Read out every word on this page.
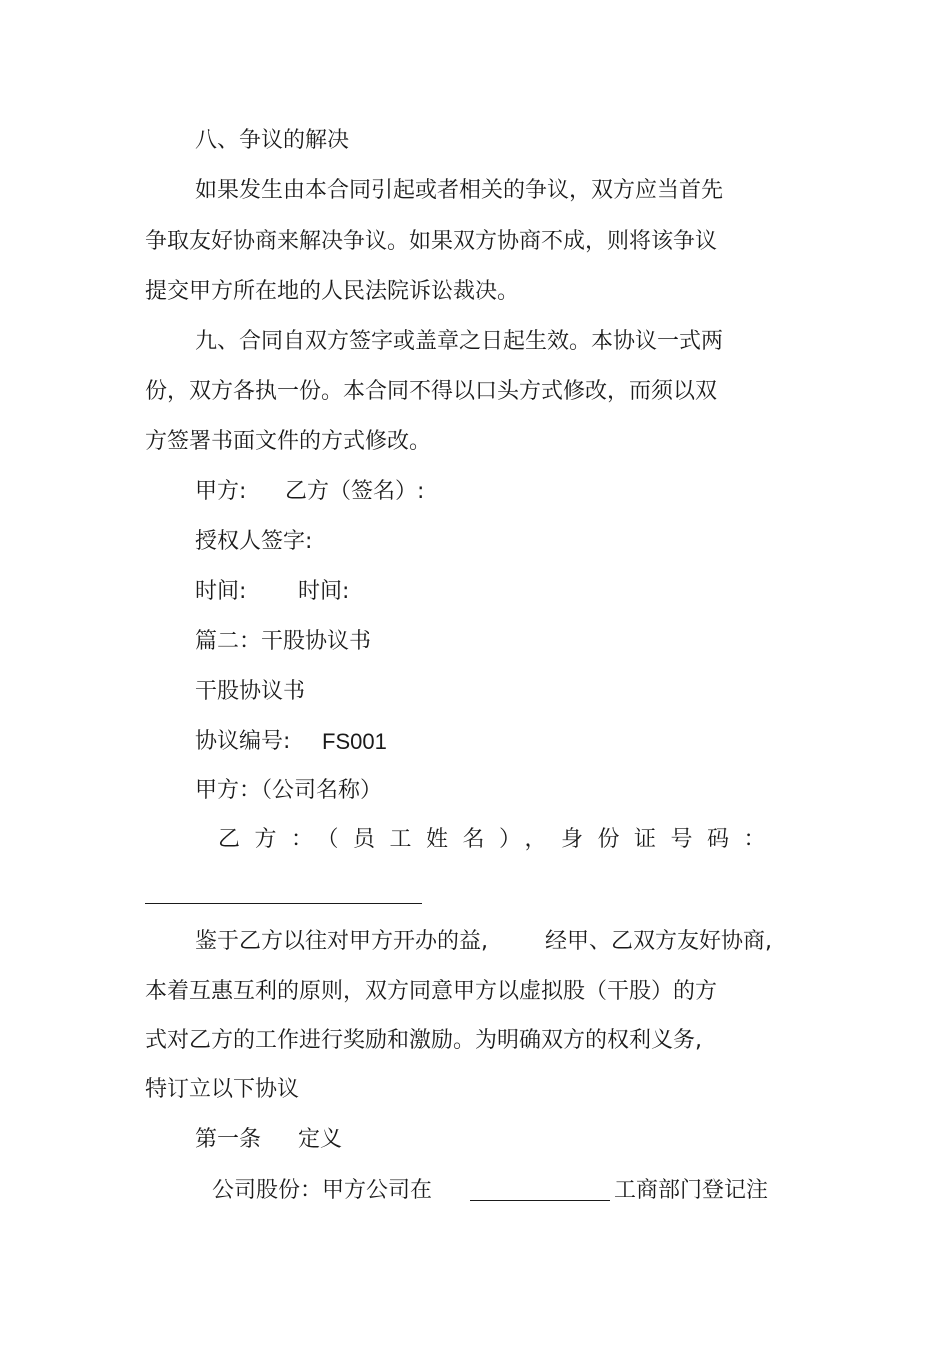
八、争议的解决
如果发生由本合同引起或者相关的争议，双方应当首先
争取友好协商来解决争议。如果双方协商不成，则将该争议
提交甲方所在地的人民法院诉讼裁决。
九、合同自双方签字或盖章之日起生效。本协议一式两
份，双方各执一份。本合同不得以口头方式修改，而须以双
方签署书面文件的方式修改。
甲方: 乙方（签名）:
授权人签字:
时间: 时间:
篇二：干股协议书
干股协议书
协议编号: FS001
甲方：（公司名称）
乙方：（员工姓名），身份证号码：
鉴于乙方以往对甲方开办的益,	经甲、乙双方友好协商,
本着互惠互利的原则，双方同意甲方以虚拟股（干股）的方
式对乙方的工作进行奖励和激励。为明确双方的权利义务,
特订立以下协议
第一条 定义
公司股份：甲方公司在	工商部门登记注
